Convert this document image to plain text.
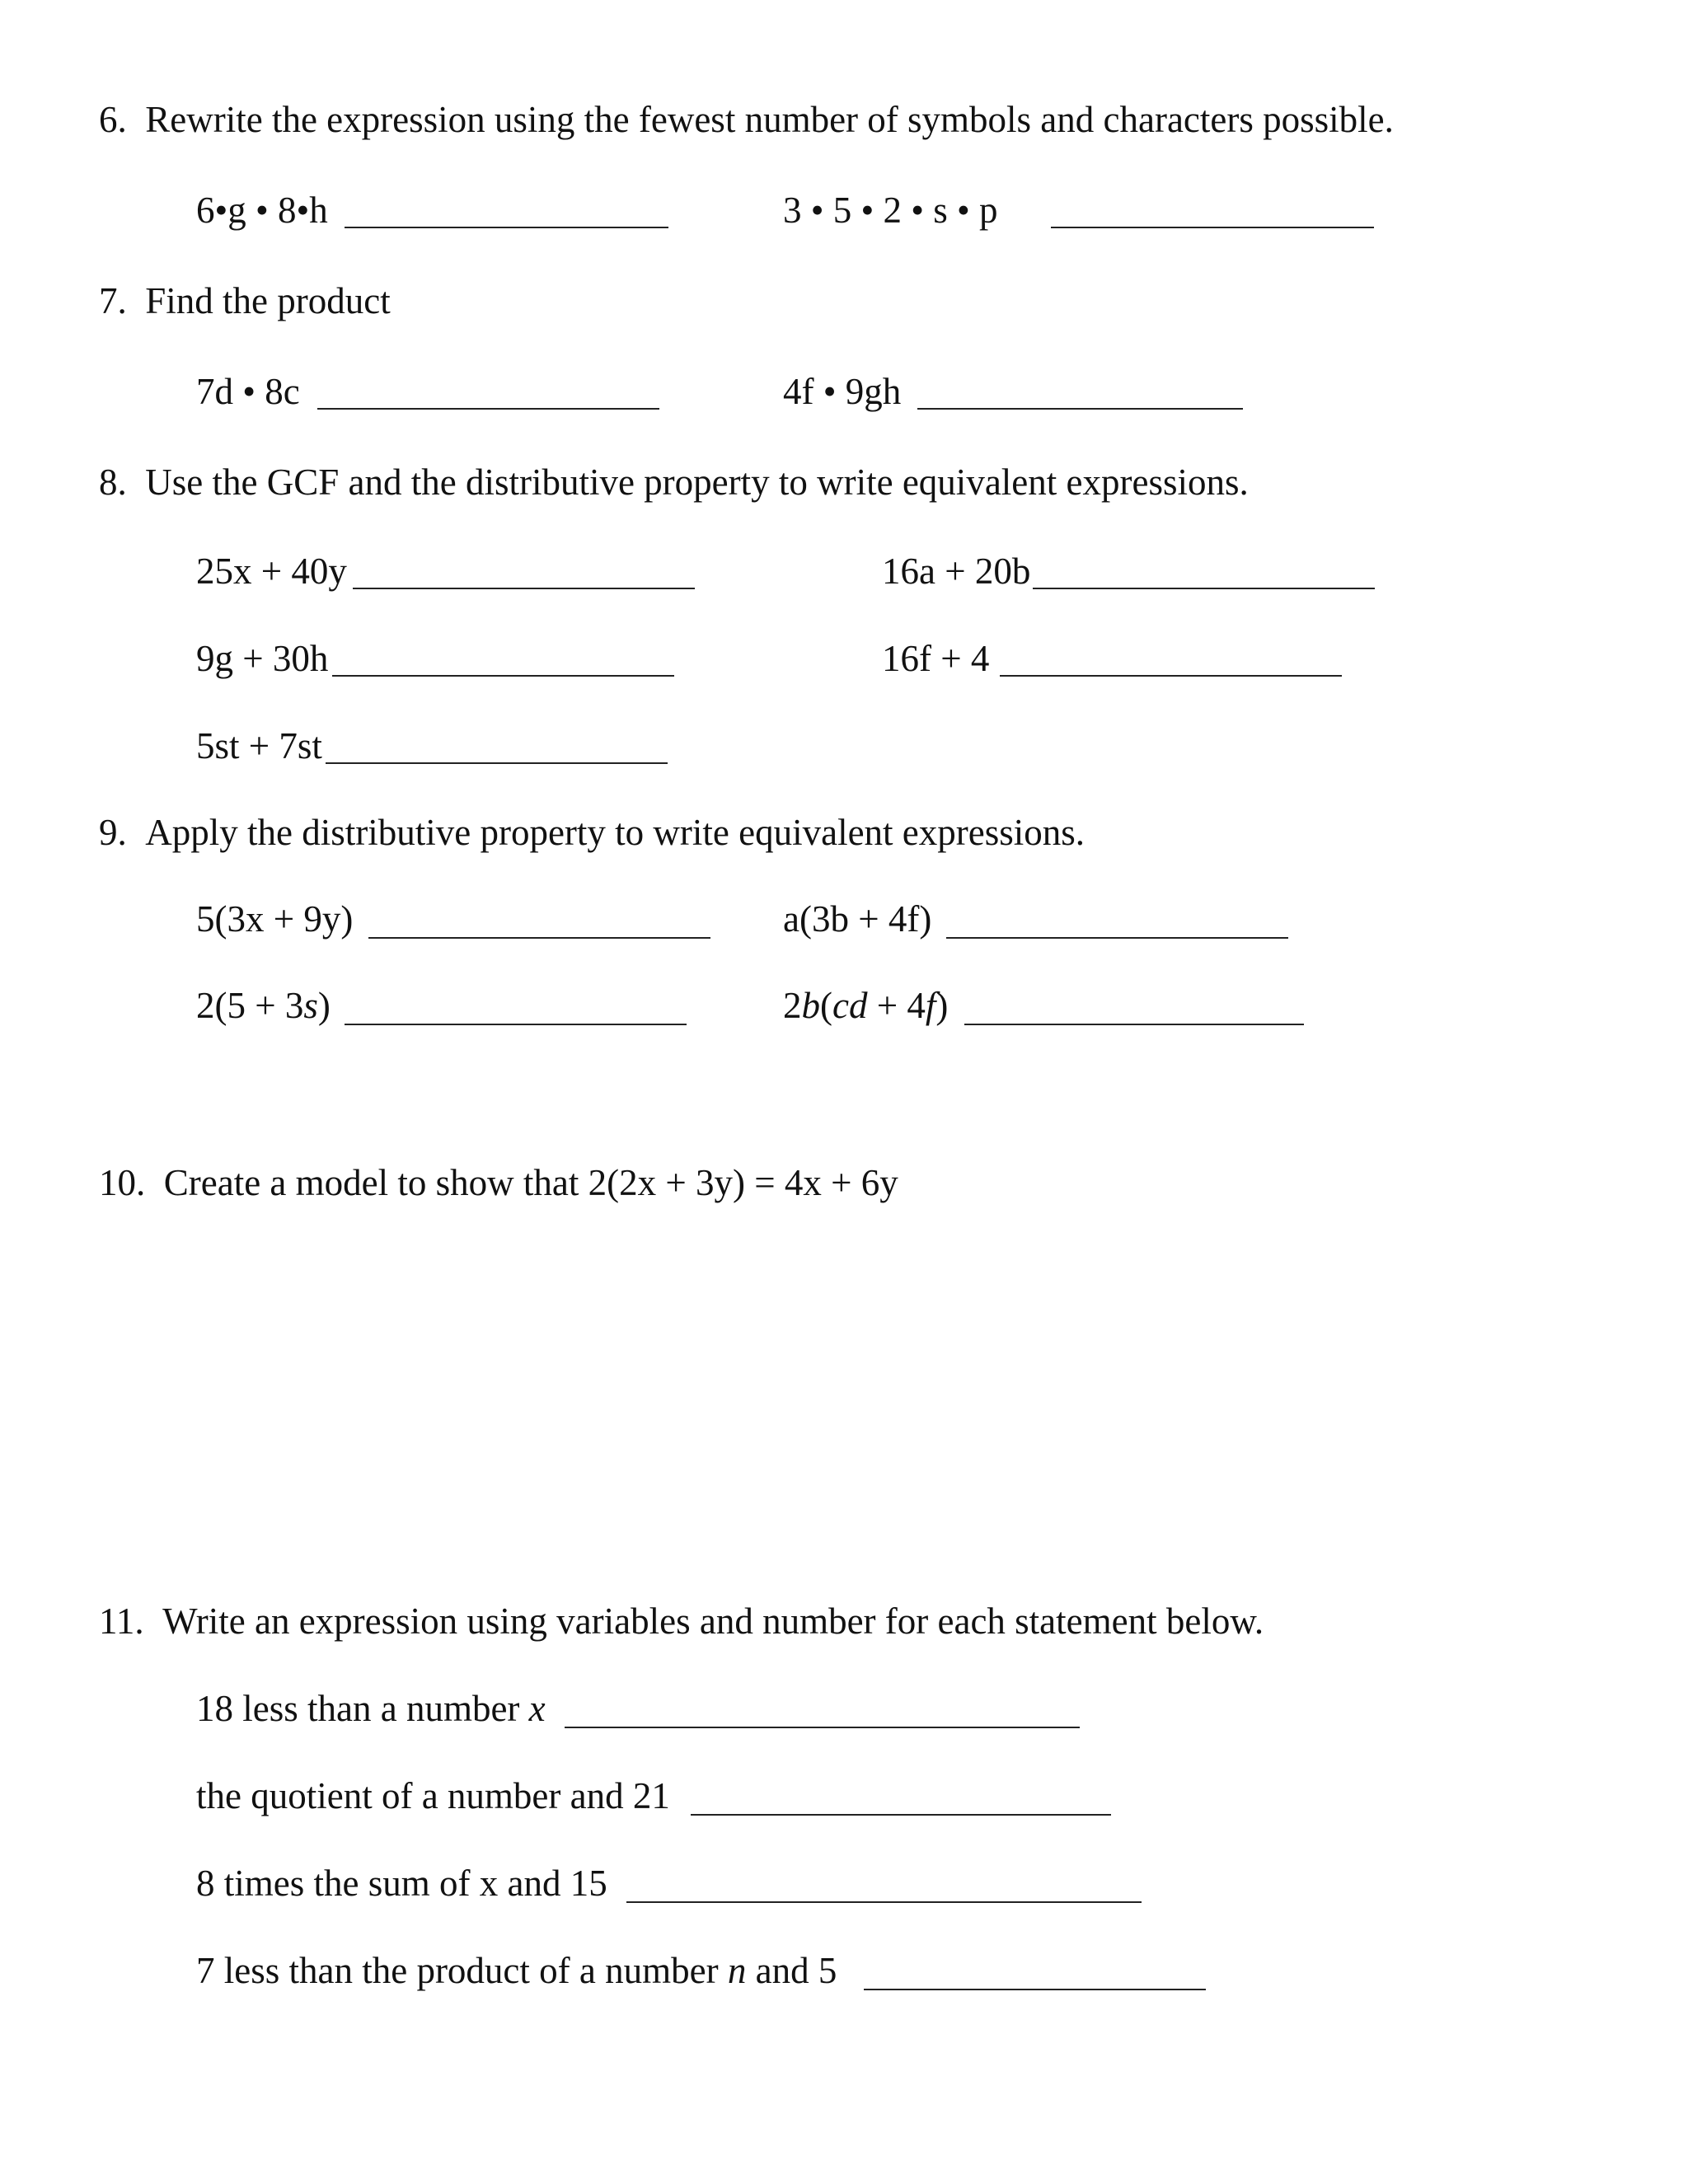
6. Rewrite the expression using the fewest number of symbols and characters possible.
6•g • 8•h	3 • 5 • 2 • s • p
7. Find the product
7d • 8c	4f • 9gh
8. Use the GCF and the distributive property to write equivalent expressions.
25x + 40y	16a + 20b
9g + 30h	16f + 4
5st + 7st
9. Apply the distributive property to write equivalent expressions.
5(3x + 9y)	a(3b + 4f)
2(5 + 3s)	2b(cd + 4f)
10. Create a model to show that 2(2x + 3y) = 4x + 6y
11. Write an expression using variables and number for each statement below.
18 less than a number x
the quotient of a number and 21
8 times the sum of x and 15
7 less than the product of a number n and 5
